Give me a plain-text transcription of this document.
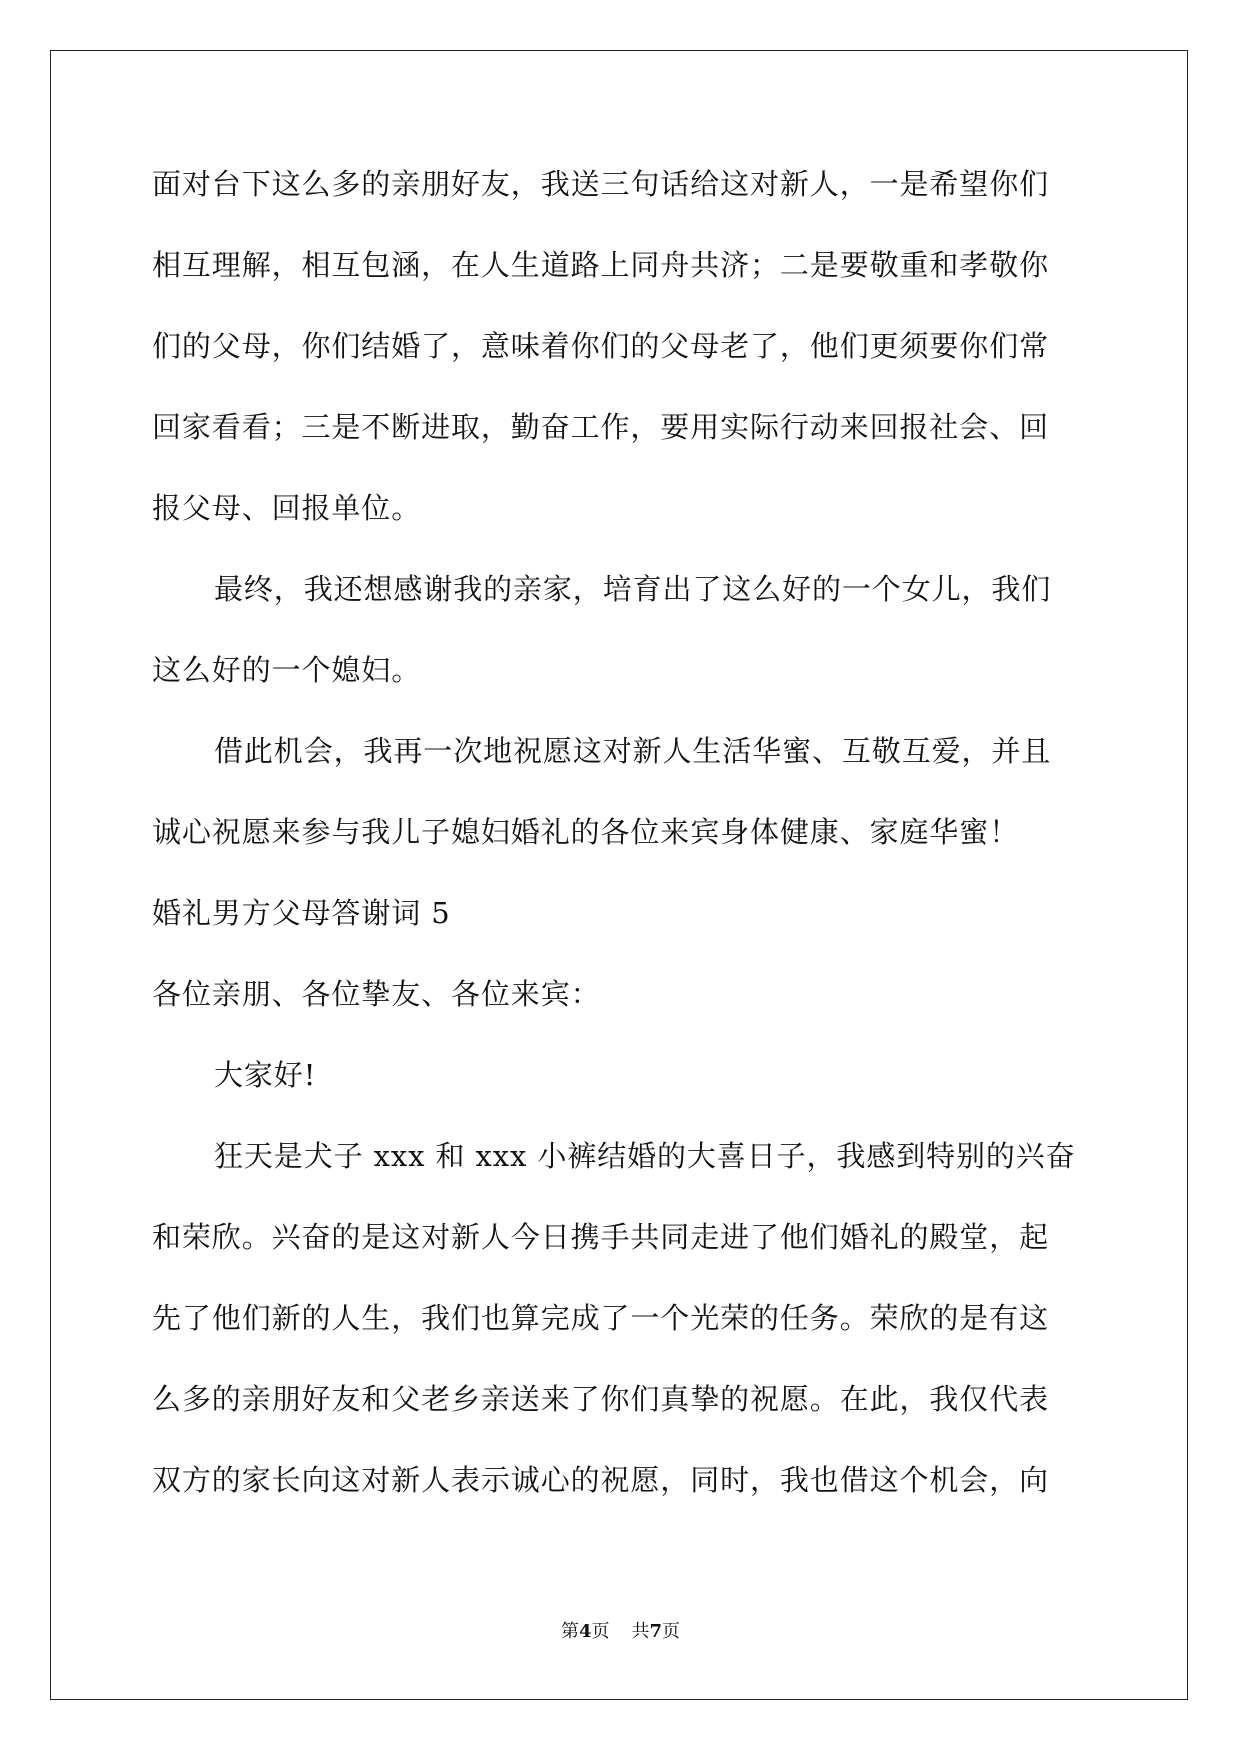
面对台下这么多的亲朋好友，我送三句话给这对新人，一是希望你们
相互理解，相互包涵，在人生道路上同舟共济；二是要敬重和孝敬你
们的父母，你们结婚了，意味着你们的父母老了，他们更须要你们常
回家看看；三是不断进取，勤奋工作，要用实际行动来回报社会、回
报父母、回报单位。
最终，我还想感谢我的亲家，培育出了这么好的一个女儿，我们
这么好的一个媳妇。
借此机会，我再一次地祝愿这对新人生活华蜜、互敬互爱，并且
诚心祝愿来参与我儿子媳妇婚礼的各位来宾身体健康、家庭华蜜！
婚礼男方父母答谢词 5
各位亲朋、各位挚友、各位来宾：
大家好!
狂天是犬子 xxx 和 xxx 小裤结婚的大喜日子，我感到特别的兴奋
和荣欣。兴奋的是这对新人今日携手共同走进了他们婚礼的殿堂，起
先了他们新的人生，我们也算完成了一个光荣的任务。荣欣的是有这
么多的亲朋好友和父老乡亲送来了你们真挚的祝愿。在此，我仅代表
双方的家长向这对新人表示诚心的祝愿，同时，我也借这个机会，向
第4页 共7页
